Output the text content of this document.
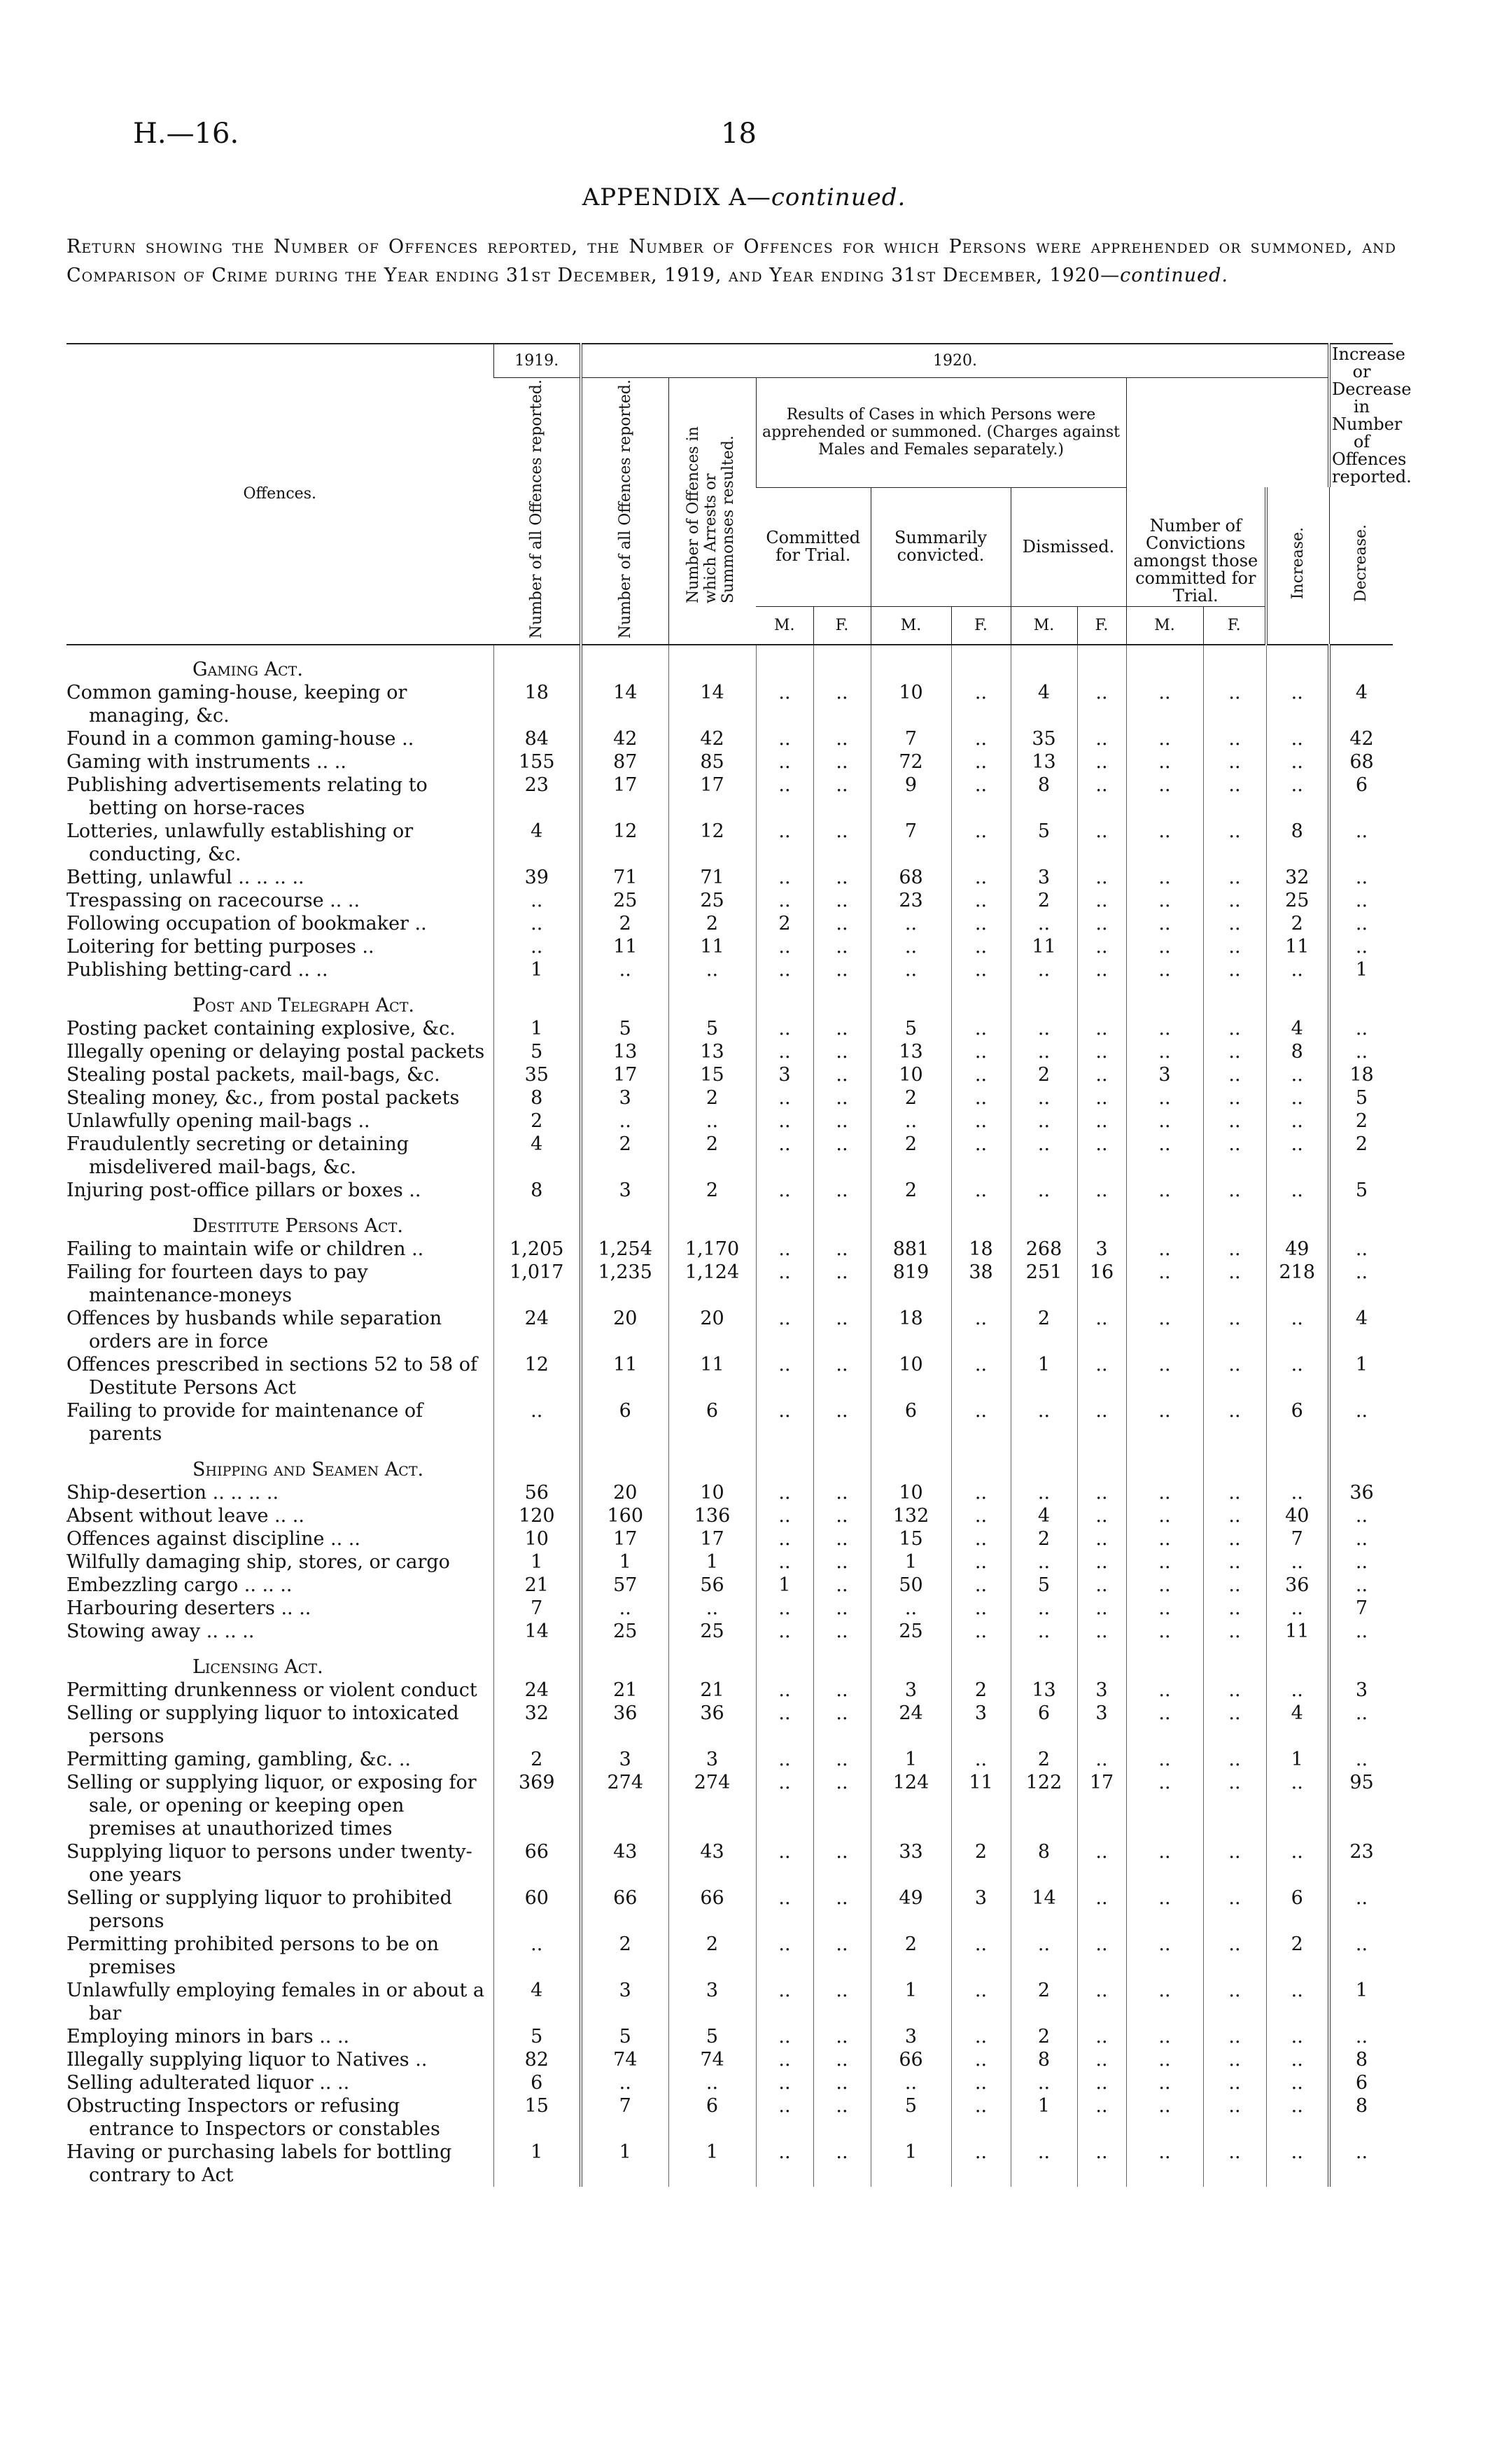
H.—16.	18
APPENDIX A—continued.
Return showing the Number of Offences reported, the Number of Offences for which Persons were apprehended or summoned, and Comparison of Crime during the Year ending 31st December, 1919, and Year ending 31st December, 1920—continued.
Offences.	1919.	1920.											Increase or Decrease in Number of Offences reported.
	Number of all Offences reported.	Number of all Offences reported.	Number of Offences in which Arrests or Summonses resulted.	Results of Cases in which Persons were apprehended or summoned. (Charges against Males and Females separately.)						Number of Convictions amongst those committed for Trial.			
				Committed for Trial.		Summarily convicted.		Dismissed.				Increase.	Decrease.
				M.	F.	M.	F.	M.	F.	M.	F.		
Gaming Act.													
Common gaming-house, keeping or managing, &c.	18	14	14	..	..	10	..	4	..	..	..	..	4
Found in a common gaming-house ..	84	42	42	..	..	7	..	35	..	..	..	..	42
Gaming with instruments .. ..	155	87	85	..	..	72	..	13	..	..	..	..	68
Publishing advertisements relating to betting on horse-races	23	17	17	..	..	9	..	8	..	..	..	..	6
Lotteries, unlawfully establishing or conducting, &c.	4	12	12	..	..	7	..	5	..	..	..	8	..
Betting, unlawful .. .. .. ..	39	71	71	..	..	68	..	3	..	..	..	32	..
Trespassing on racecourse .. ..	..	25	25	..	..	23	..	2	..	..	..	25	..
Following occupation of bookmaker ..	..	2	2	2	..	..	..	..	..	..	..	2	..
Loitering for betting purposes ..	..	11	11	..	..	..	..	11	..	..	..	11	..
Publishing betting-card .. ..	1	..	..	..	..	..	..	..	..	..	..	..	1
Post and Telegraph Act.													
Posting packet containing explosive, &c.	1	5	5	..	..	5	..	..	..	..	..	4	..
Illegally opening or delaying postal packets	5	13	13	..	..	13	..	..	..	..	..	8	..
Stealing postal packets, mail-bags, &c.	35	17	15	3	..	10	..	2	..	3	..	..	18
Stealing money, &c., from postal packets	8	3	2	..	..	2	..	..	..	..	..	..	5
Unlawfully opening mail-bags ..	2	..	..	..	..	..	..	..	..	..	..	..	2
Fraudulently secreting or detaining misdelivered mail-bags, &c.	4	2	2	..	..	2	..	..	..	..	..	..	2
Injuring post-office pillars or boxes ..	8	3	2	..	..	2	..	..	..	..	..	..	5
Destitute Persons Act.													
Failing to maintain wife or children ..	1,205	1,254	1,170	..	..	881	18	268	3	..	..	49	..
Failing for fourteen days to pay maintenance-moneys	1,017	1,235	1,124	..	..	819	38	251	16	..	..	218	..
Offences by husbands while separation orders are in force	24	20	20	..	..	18	..	2	..	..	..	..	4
Offences prescribed in sections 52 to 58 of Destitute Persons Act	12	11	11	..	..	10	..	1	..	..	..	..	1
Failing to provide for maintenance of parents	..	6	6	..	..	6	..	..	..	..	..	6	..
Shipping and Seamen Act.													
Ship-desertion .. .. .. ..	56	20	10	..	..	10	..	..	..	..	..	..	36
Absent without leave .. ..	120	160	136	..	..	132	..	4	..	..	..	40	..
Offences against discipline .. ..	10	17	17	..	..	15	..	2	..	..	..	7	..
Wilfully damaging ship, stores, or cargo	1	1	1	..	..	1	..	..	..	..	..	..	..
Embezzling cargo .. .. ..	21	57	56	1	..	50	..	5	..	..	..	36	..
Harbouring deserters .. ..	7	..	..	..	..	..	..	..	..	..	..	..	7
Stowing away .. .. ..	14	25	25	..	..	25	..	..	..	..	..	11	..
Licensing Act.													
Permitting drunkenness or violent conduct	24	21	21	..	..	3	2	13	3	..	..	..	3
Selling or supplying liquor to intoxicated persons	32	36	36	..	..	24	3	6	3	..	..	4	..
Permitting gaming, gambling, &c. ..	2	3	3	..	..	1	..	2	..	..	..	1	..
Selling or supplying liquor, or exposing for sale, or opening or keeping open premises at unauthorized times	369	274	274	..	..	124	11	122	17	..	..	..	95
Supplying liquor to persons under twenty-one years	66	43	43	..	..	33	2	8	..	..	..	..	23
Selling or supplying liquor to prohibited persons	60	66	66	..	..	49	3	14	..	..	..	6	..
Permitting prohibited persons to be on premises	..	2	2	..	..	2	..	..	..	..	..	2	..
Unlawfully employing females in or about a bar	4	3	3	..	..	1	..	2	..	..	..	..	1
Employing minors in bars .. ..	5	5	5	..	..	3	..	2	..	..	..	..	..
Illegally supplying liquor to Natives ..	82	74	74	..	..	66	..	8	..	..	..	..	8
Selling adulterated liquor .. ..	6	..	..	..	..	..	..	..	..	..	..	..	6
Obstructing Inspectors or refusing entrance to Inspectors or constables	15	7	6	..	..	5	..	1	..	..	..	..	8
Having or purchasing labels for bottling contrary to Act	1	1	1	..	..	1	..	..	..	..	..	..	..
